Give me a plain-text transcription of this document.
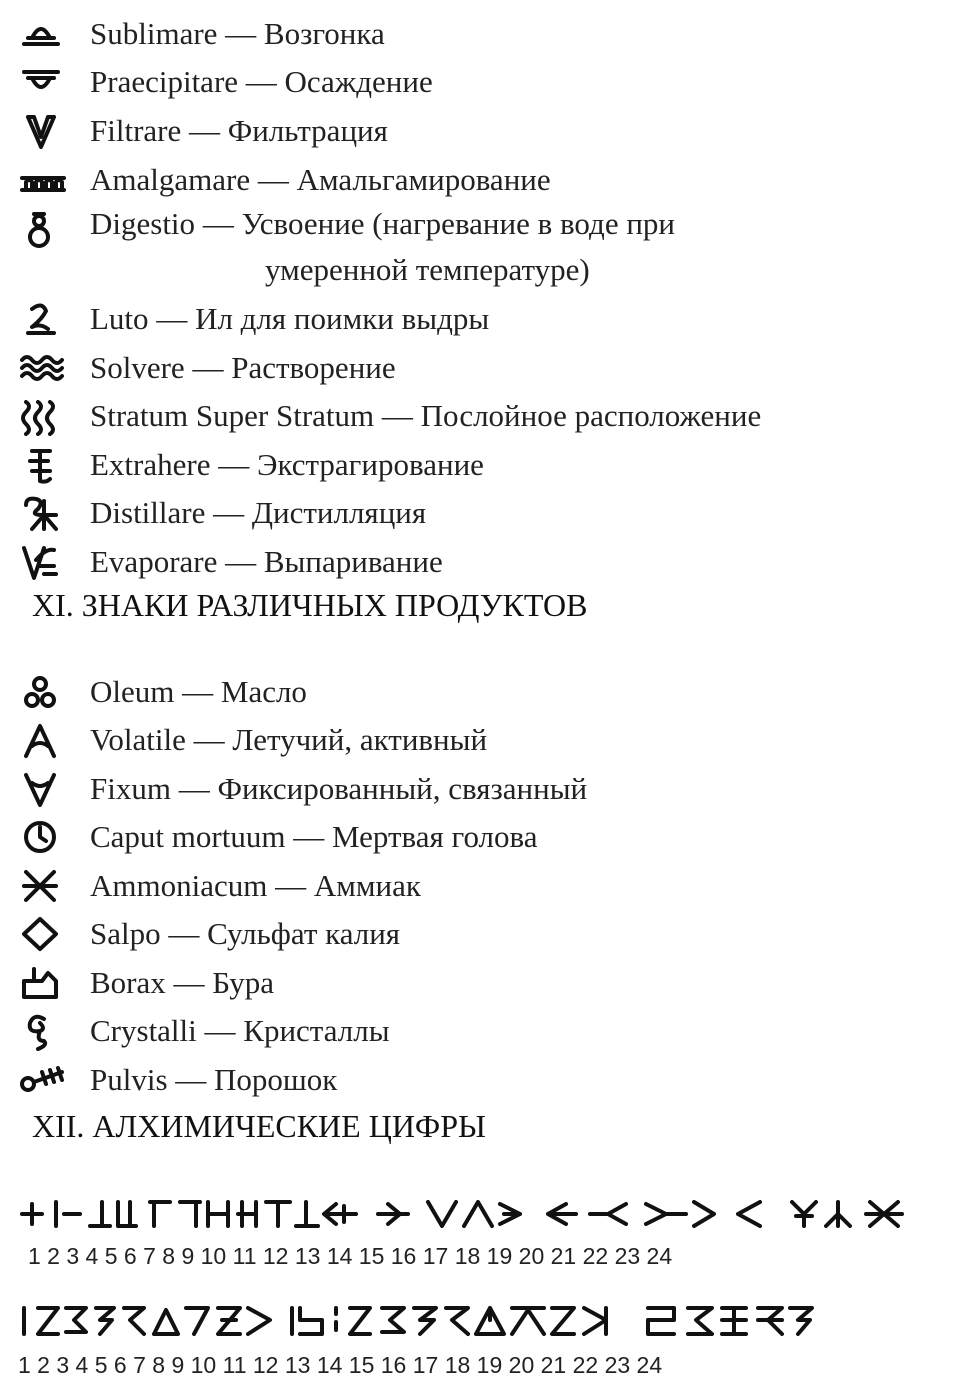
Sublimare — Возгонка
Praecipitare — Осаждение
Filtrare — Фильтрация
Amalgamare — Амальгамирование
Digestio — Усвоение (нагревание в воде при
умеренной температуре)
Luto — Ил для поимки выдры
Solvere — Растворение
Stratum Super Stratum — Послойное расположение
Extrahere — Экстрагирование
Distillare — Дистилляция
Evaporare — Выпаривание
XI. ЗНАКИ РАЗЛИЧНЫХ ПРОДУКТОВ
Oleum — Масло
Volatile — Летучий, активный
Fixum — Фиксированный, связанный
Caput mortuum — Мертвая голова
Ammoniacum — Аммиак
Salpo — Сульфат калия
Borax — Бура
Crystalli — Кристаллы
Pulvis — Порошок
XII. АЛХИМИЧЕСКИЕ ЦИФРЫ
1 2 3 4 5 6 7 8 9 10 11 12 13 14 15 16 17 18 19 20 21 22 23 24
1 2 3 4 5 6 7 8 9 10 11 12 13 14 15 16 17 18 19 20 21 22 23 24
